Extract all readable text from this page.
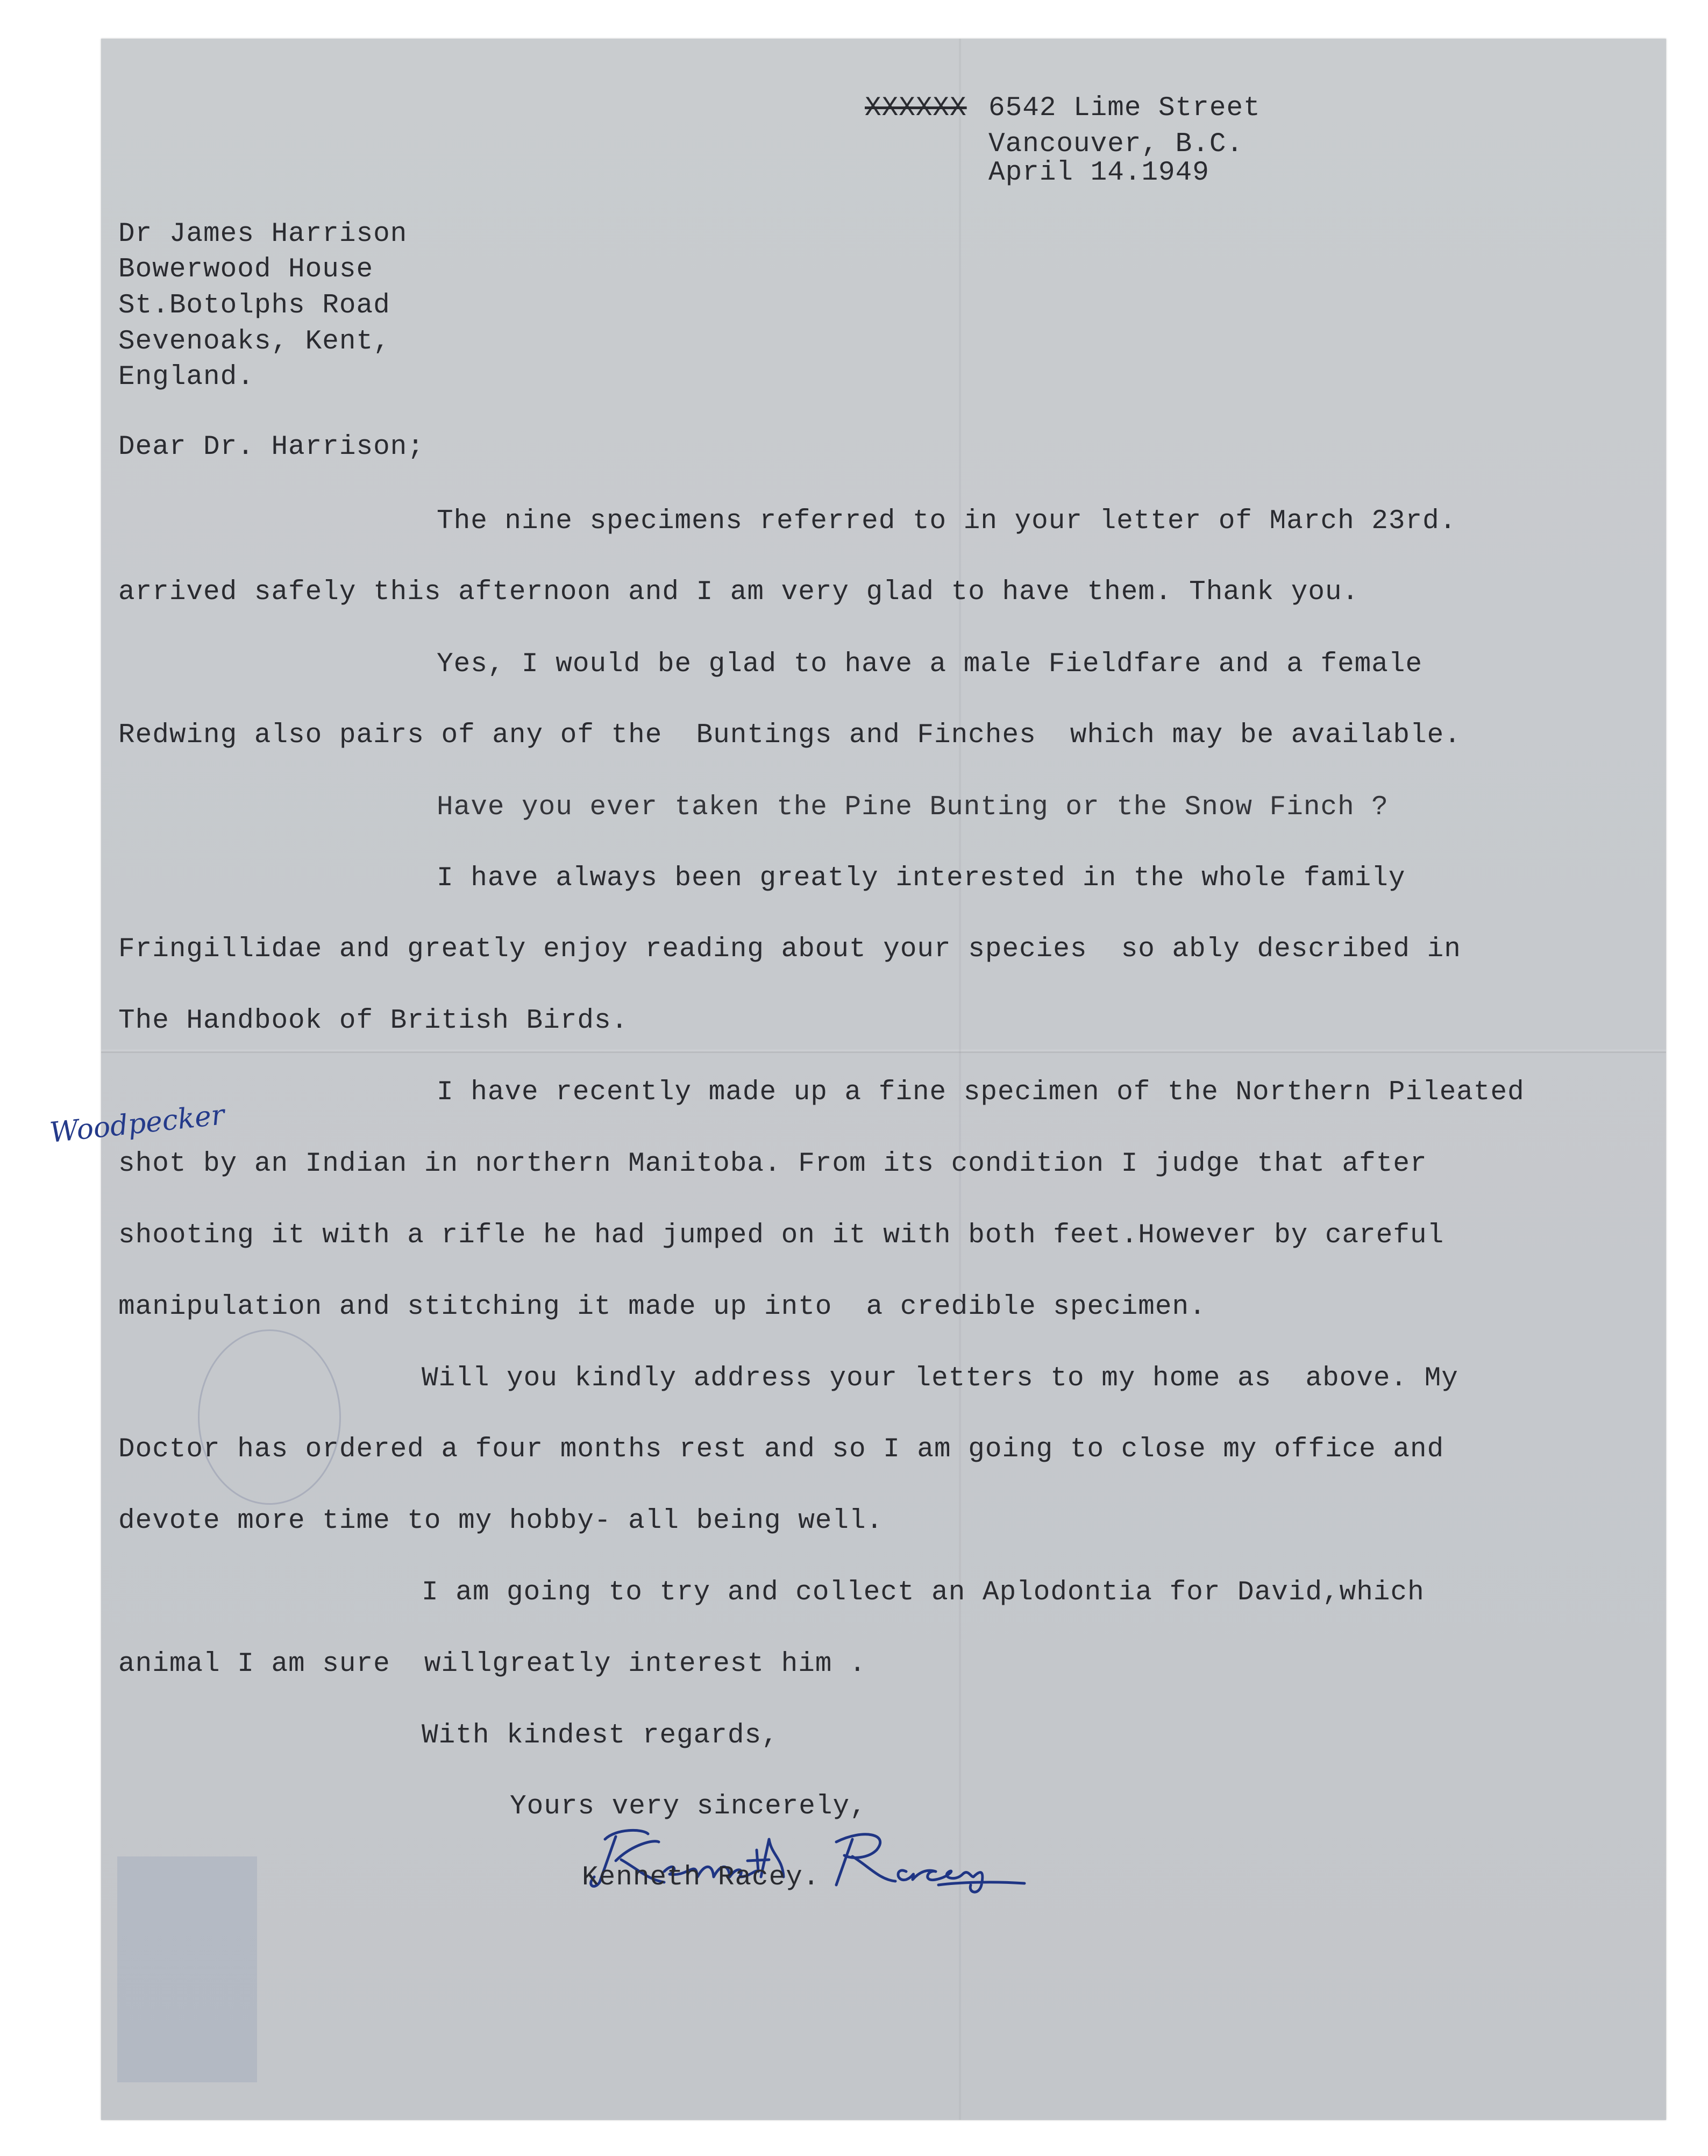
XXXXXX 6542 Lime Street
Vancouver, B.C.
April 14.1949
Dr James Harrison
Bowerwood House
St.Botolphs Road
Sevenoaks, Kent,
England.
Dear Dr. Harrison;
The nine specimens referred to in your letter of March 23rd.
arrived safely this afternoon and I am very glad to have them. Thank you.
Yes, I would be glad to have a male Fieldfare and a female
Redwing also pairs of any of the  Buntings and Finches  which may be available.
Have you ever taken the Pine Bunting or the Snow Finch ?
I have always been greatly interested in the whole family
Fringillidae and greatly enjoy reading about your species  so ably described in
The Handbook of British Birds.
I have recently made up a fine specimen of the Northern Pileated
Woodpecker
shot by an Indian in northern Manitoba. From its condition I judge that after
shooting it with a rifle he had jumped on it with both feet.However by careful
manipulation and stitching it made up into  a credible specimen.
Will you kindly address your letters to my home as  above. My
Doctor has ordered a four months rest and so I am going to close my office and
devote more time to my hobby- all being well.
I am going to try and collect an Aplodontia for David,which
animal I am sure  willgreatly interest him .
With kindest regards,
Yours very sincerely,
Kenneth Racey.
